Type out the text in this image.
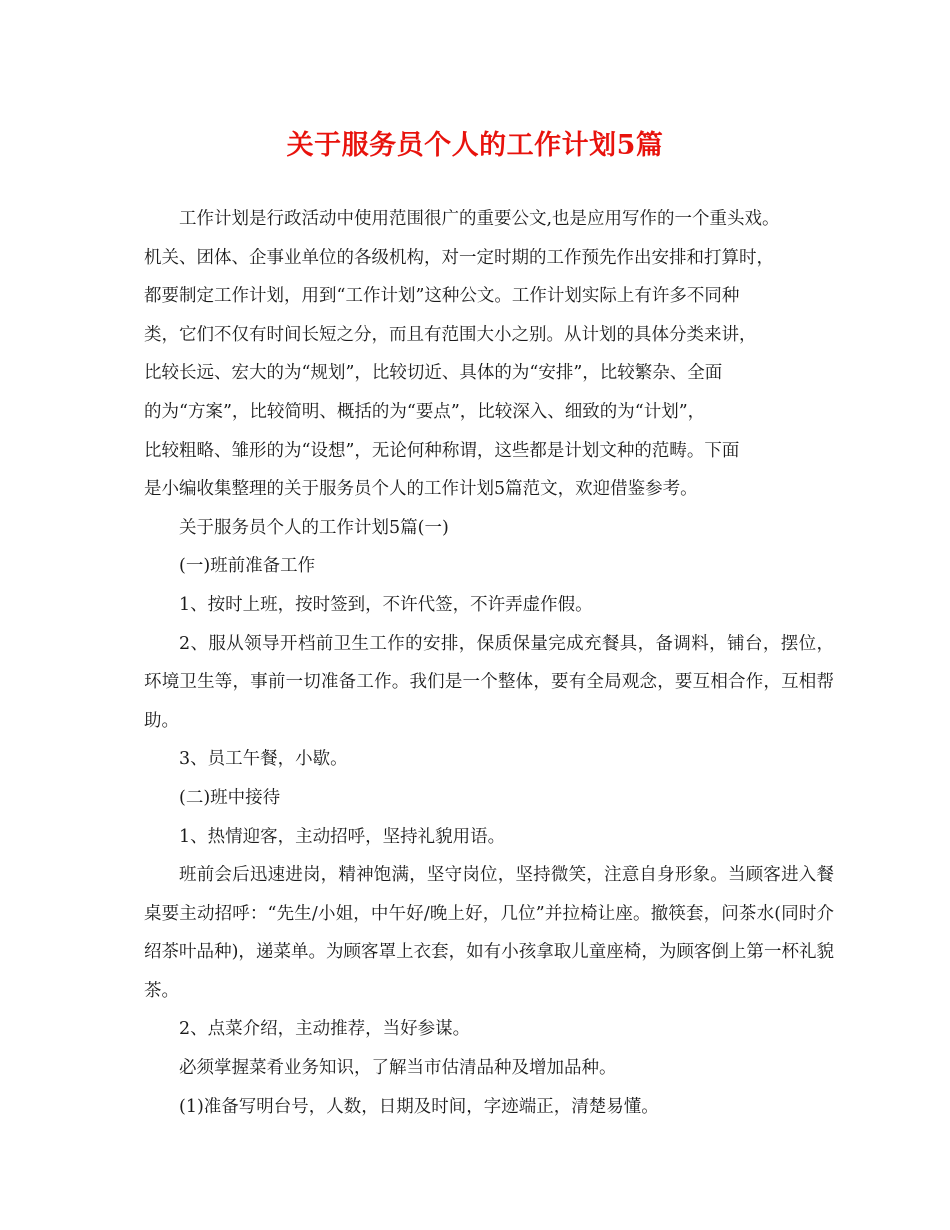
关于服务员个人的工作计划5篇

工作计划是行政活动中使用范围很广的重要公文,也是应用写作的一个重头戏。
机关、团体、企事业单位的各级机构，对一定时期的工作预先作出安排和打算时，
都要制定工作计划，用到“工作计划”这种公文。工作计划实际上有许多不同种
类，它们不仅有时间长短之分，而且有范围大小之别。从计划的具体分类来讲，
比较长远、宏大的为“规划”，比较切近、具体的为“安排”，比较繁杂、全面
的为“方案”，比较简明、概括的为“要点”，比较深入、细致的为“计划”，
比较粗略、雏形的为“设想”，无论何种称谓，这些都是计划文种的范畴。下面
是小编收集整理的关于服务员个人的工作计划5篇范文，欢迎借鉴参考。

关于服务员个人的工作计划5篇(一)

(一)班前准备工作

1、按时上班，按时签到，不许代签，不许弄虚作假。

2、服从领导开档前卫生工作的安排，保质保量完成充餐具，备调料，铺台，摆位，环境卫生等，事前一切准备工作。我们是一个整体，要有全局观念，要互相合作，互相帮助。

3、员工午餐，小歇。

(二)班中接待

1、热情迎客，主动招呼，坚持礼貌用语。

班前会后迅速进岗，精神饱满，坚守岗位，坚持微笑，注意自身形象。当顾客进入餐桌要主动招呼：“先生/小姐，中午好/晚上好，几位”并拉椅让座。撤筷套，问茶水(同时介绍茶叶品种)，递菜单。为顾客罩上衣套，如有小孩拿取儿童座椅，为顾客倒上第一杯礼貌茶。

2、点菜介绍，主动推荐，当好参谋。

必须掌握菜肴业务知识，了解当市估清品种及增加品种。

(1)准备写明台号，人数，日期及时间，字迹端正，清楚易懂。
